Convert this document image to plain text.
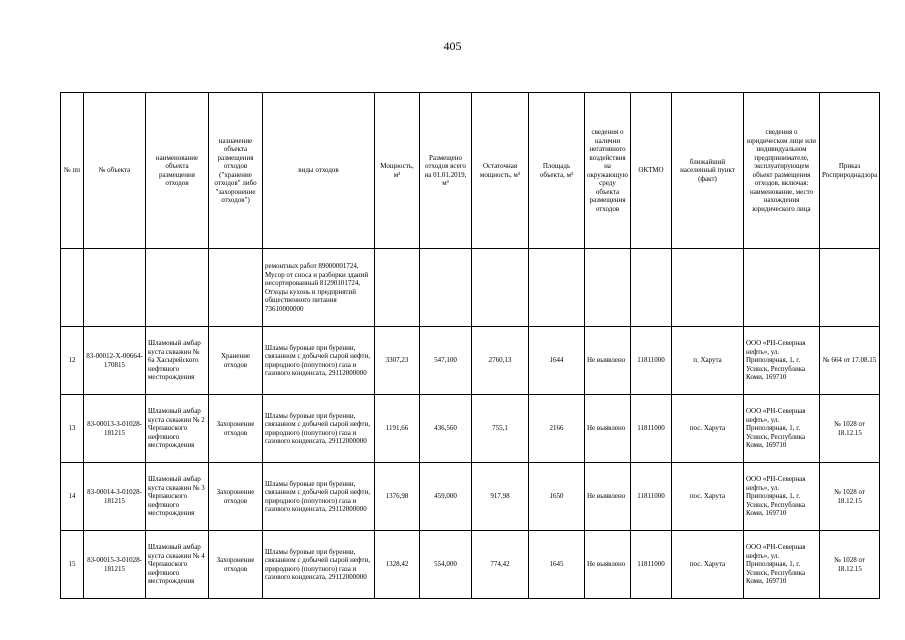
405
№ пп	№ объекта	наименование объекта размещения отходов	назначение объекта размещения отходов ("хранение отходов" либо "захоронение отходов")	виды отходов	Мощность, м³	Размещено отходов всего на 01.01.2019, м³	Остаточная мощность, м³	Площадь объекта, м²	сведения о наличии негативного воздействия на окружающую среду объекта размещения отходов	ОКТМО	ближайший населенный пункт (факт)	сведения о юридическом лице или индивидуальном предпринимателе, эксплуатирующем объект размещения отходов, включая: наименование, место нахождения юридического лица	Приказ Росприроднадзора
				ремонтных работ 89000001724, Мусор от сноса и разборки зданий несортированный 81290101724, Отходы кухонь и предприятий общественного питания 73610000000									
12	83-00012-Х-00664-170815	Шламовый амбар куста скважин № 6а Хасырейского нефтяного месторождения	Хранение отходов	Шламы буровые при бурении, связанном с добычей сырой нефти, природного (попутного) газа и газового конденсата, 29112000000	3307,23	547,100	2760,13	1644	Не выявлено	11811000	п. Харута	ООО «РН-Северная нефть», ул. Приполярная, 1, г. Усинск, Республика Коми, 169710	№ 664 от 17.08.15
13	83-00013-З-01028-181215	Шламовый амбар куста скважин № 2 Черпаюского нефтяного месторождения	Захоронение отходов	Шламы буровые при бурении, связанном с добычей сырой нефти, природного (попутного) газа и газового конденсата, 29112000000	1191,66	436,560	755,1	2166	Не выявлено	11811000	пос. Харута	ООО «РН-Северная нефть», ул. Приполярная, 1, г. Усинск, Республика Коми, 169710	№ 1028 от 18.12.15
14	83-00014-З-01028-181215	Шламовый амбар куста скважин № 3 Черпаюского нефтяного месторождения	Захоронение отходов	Шламы буровые при бурении, связанном с добычей сырой нефти, природного (попутного) газа и газового конденсата, 29112000000	1376,98	459,000	917,98	1650	Не выявлено	11811000	пос. Харута	ООО «РН-Северная нефть», ул. Приполярная, 1, г. Усинск, Республика Коми, 169710	№ 1028 от 18.12.15
15	83-00015-З-01028-181215	Шламовый амбар куста скважин № 4 Черпаюского нефтяного месторождения	Захоронение отходов	Шламы буровые при бурении, связанном с добычей сырой нефти, природного (попутного) газа и газового конденсата, 29112000000	1328,42	554,000	774,42	1645	Не выявлено	11811000	пос. Харута	ООО «РН-Северная нефть», ул. Приполярная, 1, г. Усинск, Республика Коми, 169710	№ 1028 от 18.12.15
